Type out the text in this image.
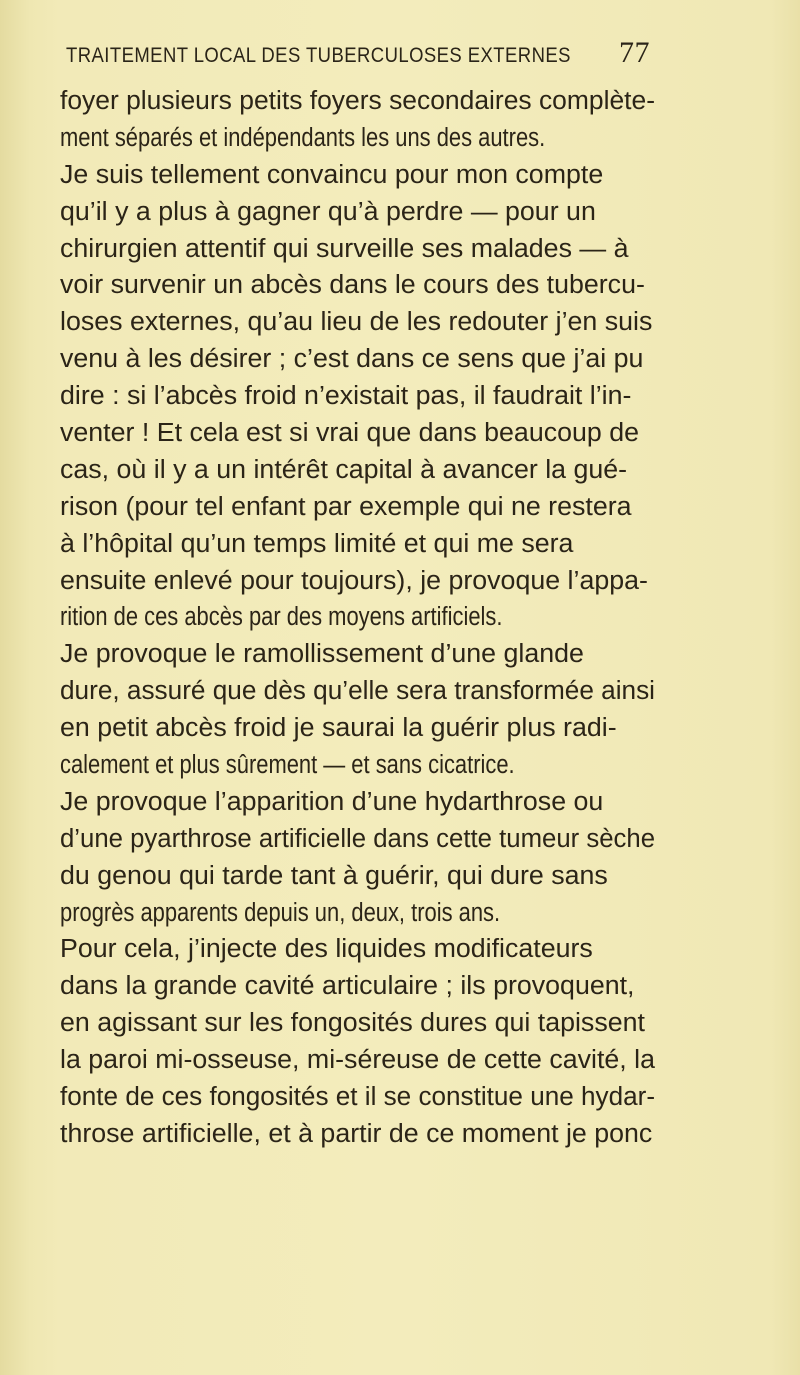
TRAITEMENT LOCAL DES TUBERCULOSES EXTERNES 77
foyer plusieurs petits foyers secondaires complète-
ment séparés et indépendants les uns des autres.
Je suis tellement convaincu pour mon compte
qu’il y a plus à gagner qu’à perdre — pour un
chirurgien attentif qui surveille ses malades — à
voir survenir un abcès dans le cours des tubercu-
loses externes, qu’au lieu de les redouter j’en suis
venu à les désirer ; c’est dans ce sens que j’ai pu
dire : si l’abcès froid n’existait pas, il faudrait l’in-
venter ! Et cela est si vrai que dans beaucoup de
cas, où il y a un intérêt capital à avancer la gué-
rison (pour tel enfant par exemple qui ne restera
à l’hôpital qu’un temps limité et qui me sera
ensuite enlevé pour toujours), je provoque l’appa-
rition de ces abcès par des moyens artificiels.
Je provoque le ramollissement d’une glande
dure, assuré que dès qu’elle sera transformée ainsi
en petit abcès froid je saurai la guérir plus radi-
calement et plus sûrement — et sans cicatrice.
Je provoque l’apparition d’une hydarthrose ou
d’une pyarthrose artificielle dans cette tumeur sèche
du genou qui tarde tant à guérir, qui dure sans
progrès apparents depuis un, deux, trois ans.
Pour cela, j’injecte des liquides modificateurs
dans la grande cavité articulaire ; ils provoquent,
en agissant sur les fongosités dures qui tapissent
la paroi mi-osseuse, mi-séreuse de cette cavité, la
fonte de ces fongosités et il se constitue une hydar-
throse artificielle, et à partir de ce moment je ponc
